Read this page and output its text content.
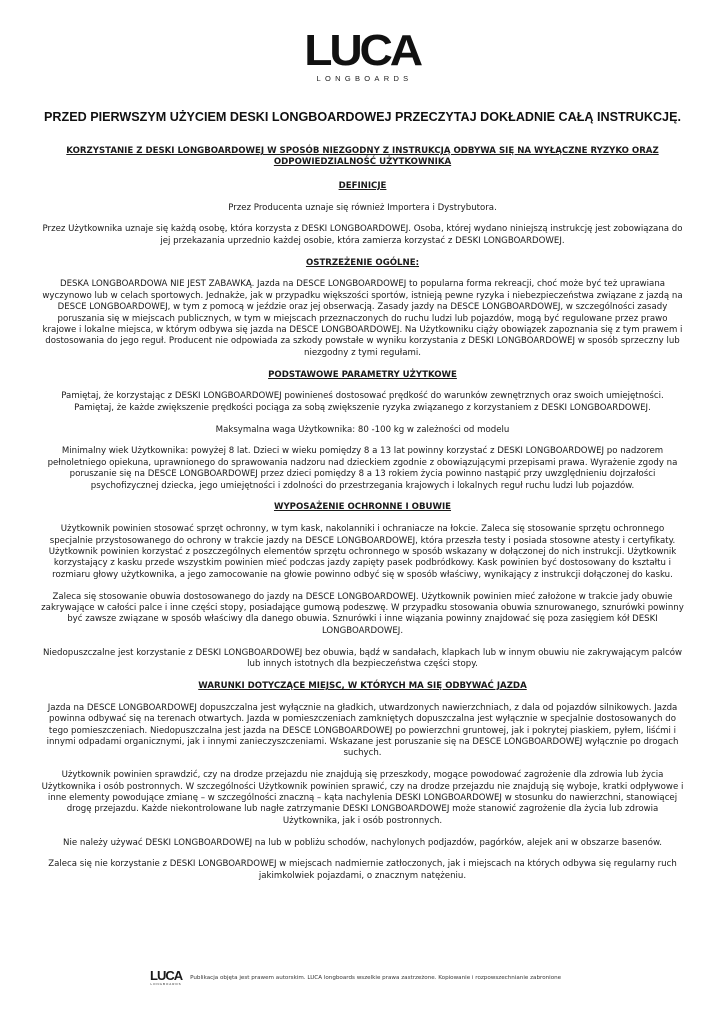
LUCA
LONGBOARDS
PRZED PIERWSZYM UŻYCIEM DESKI LONGBOARDOWEJ PRZECZYTAJ DOKŁADNIE CAŁĄ INSTRUKCJĘ.
KORZYSTANIE Z DESKI LONGBOARDOWEJ W SPOSÓB NIEZGODNY Z INSTRUKCJĄ ODBYWA SIĘ NA WYŁĄCZNE RYZYKO ORAZ ODPOWIEDZIALNOŚĆ UŻYTKOWNIKA
DEFINICJE

Przez Producenta uznaje się również Importera i Dystrybutora.

Przez Użytkownika uznaje się każdą osobę, która korzysta z DESKI LONGBOARDOWEJ. Osoba, której wydano niniejszą instrukcję jest zobowiązana do jej przekazania uprzednio każdej osobie, która zamierza korzystać z DESKI LONGBOARDOWEJ.

OSTRZEŻENIE OGÓLNE:

DESKA LONGBOARDOWA NIE JEST ZABAWKĄ. Jazda na DESCE LONGBOARDOWEJ to popularna forma rekreacji, choć może być też uprawiana wyczynowo lub w celach sportowych. Jednakże, jak w przypadku większości sportów, istnieją pewne ryzyka i niebezpieczeństwa związane z jazdą na DESCE LONGBOARDOWEJ, w tym z pomocą w jeździe oraz jej obserwacją. Zasady jazdy na DESCE LONGBOARDOWEJ, w szczególności zasady poruszania się w miejscach publicznych, w tym w miejscach przeznaczonych do ruchu ludzi lub pojazdów, mogą być regulowane przez prawo krajowe i lokalne miejsca, w którym odbywa się jazda na DESCE LONGBOARDOWEJ. Na Użytkowniku ciąży obowiązek zapoznania się z tym prawem i dostosowania do jego reguł. Producent nie odpowiada za szkody powstałe w wyniku korzystania z DESKI LONGBOARDOWEJ w sposób sprzeczny lub niezgodny z tymi regułami.

PODSTAWOWE PARAMETRY UŻYTKOWE

Pamiętaj, że korzystając z DESKI LONGBOARDOWEJ powinieneś dostosować prędkość do warunków zewnętrznych oraz swoich umiejętności. Pamiętaj, że każde zwiększenie prędkości pociąga za sobą zwiększenie ryzyka związanego z korzystaniem z DESKI LONGBOARDOWEJ.

Maksymalna waga Użytkownika: 80 -100 kg w zależności od modelu

Minimalny wiek Użytkownika: powyżej 8 lat. Dzieci w wieku pomiędzy 8 a 13 lat powinny korzystać z DESKI LONGBOARDOWEJ po nadzorem pełnoletniego opiekuna, uprawnionego do sprawowania nadzoru nad dzieckiem zgodnie z obowiązującymi przepisami prawa. Wyrażenie zgody na poruszanie się na DESCE LONGBOARDOWEJ przez dzieci pomiędzy 8 a 13 rokiem życia powinno nastąpić przy uwzględnieniu dojrzałości psychofizycznej dziecka, jego umiejętności i zdolności do przestrzegania krajowych i lokalnych reguł ruchu ludzi lub pojazdów.

WYPOSAŻENIE OCHRONNE I OBUWIE

Użytkownik powinien stosować sprzęt ochronny, w tym kask, nakolanniki i ochraniacze na łokcie. Zaleca się stosowanie sprzętu ochronnego specjalnie przystosowanego do ochrony w trakcie jazdy na DESCE LONGBOARDOWEJ, która przeszła testy i posiada stosowne atesty i certyfikaty. Użytkownik powinien korzystać z poszczególnych elementów sprzętu ochronnego w sposób wskazany w dołączonej do nich instrukcji. Użytkownik korzystający z kasku przede wszystkim powinien mieć podczas jazdy zapięty pasek podbródkowy. Kask powinien być dostosowany do kształtu i rozmiaru głowy użytkownika, a jego zamocowanie na głowie powinno odbyć się w sposób właściwy, wynikający z instrukcji dołączonej do kasku.

Zaleca się stosowanie obuwia dostosowanego do jazdy na DESCE LONGBOARDOWEJ. Użytkownik powinien mieć założone w trakcie jady obuwie zakrywające w całości palce i inne części stopy, posiadające gumową podeszwę. W przypadku stosowania obuwia sznurowanego, sznurówki powinny być zawsze związane w sposób właściwy dla danego obuwia. Sznurówki i inne wiązania powinny znajdować się poza zasięgiem kół DESKI LONGBOARDOWEJ.

Niedopuszczalne jest korzystanie z DESKI LONGBOARDOWEJ bez obuwia, bądź w sandałach, klapkach lub w innym obuwiu nie zakrywającym palców lub innych istotnych dla bezpieczeństwa części stopy.

WARUNKI DOTYCZĄCE MIEJSC, W KTÓRYCH MA SIĘ ODBYWAĆ JAZDA

Jazda na DESCE LONGBOARDOWEJ dopuszczalna jest wyłącznie na gładkich, utwardzonych nawierzchniach, z dala od pojazdów silnikowych. Jazda powinna odbywać się na terenach otwartych. Jazda w pomieszczeniach zamkniętych dopuszczalna jest wyłącznie w specjalnie dostosowanych do tego pomieszczeniach. Niedopuszczalna jest jazda na DESCE LONGBOARDOWEJ po powierzchni gruntowej, jak i pokrytej piaskiem, pyłem, liśćmi i innymi odpadami organicznymi, jak i innymi zanieczyszczeniami. Wskazane jest poruszanie się na DESCE LONGBOARDOWEJ wyłącznie po drogach suchych.

Użytkownik powinien sprawdzić, czy na drodze przejazdu nie znajdują się przeszkody, mogące powodować zagrożenie dla zdrowia lub życia Użytkownika i osób postronnych. W szczególności Użytkownik powinien sprawić, czy na drodze przejazdu nie znajdują się wyboje, kratki odpływowe i inne elementy powodujące zmianę – w szczególności znaczną – kąta nachylenia DESKI LONGBOARDOWEJ w stosunku do nawierzchni, stanowiącej drogę przejazdu. Każde niekontrolowane lub nagłe zatrzymanie DESKI LONGBOARDOWEJ może stanowić zagrożenie dla życia lub zdrowia Użytkownika, jak i osób postronnych.

Nie należy używać DESKI LONGBOARDOWEJ na lub w pobliżu schodów, nachylonych podjazdów, pagórków, alejek ani w obszarze basenów.

Zaleca się nie korzystanie z DESKI LONGBOARDOWEJ w miejscach nadmiernie zatłoczonych, jak i miejscach na których odbywa się regularny ruch jakimkolwiek pojazdami, o znacznym natężeniu.

LUCA
LONGBOARDS
Publikacja objęta jest prawem autorskim. LUCA longboards wszelkie prawa zastrzeżone. Kopiowanie i rozpowszechnianie zabronione
